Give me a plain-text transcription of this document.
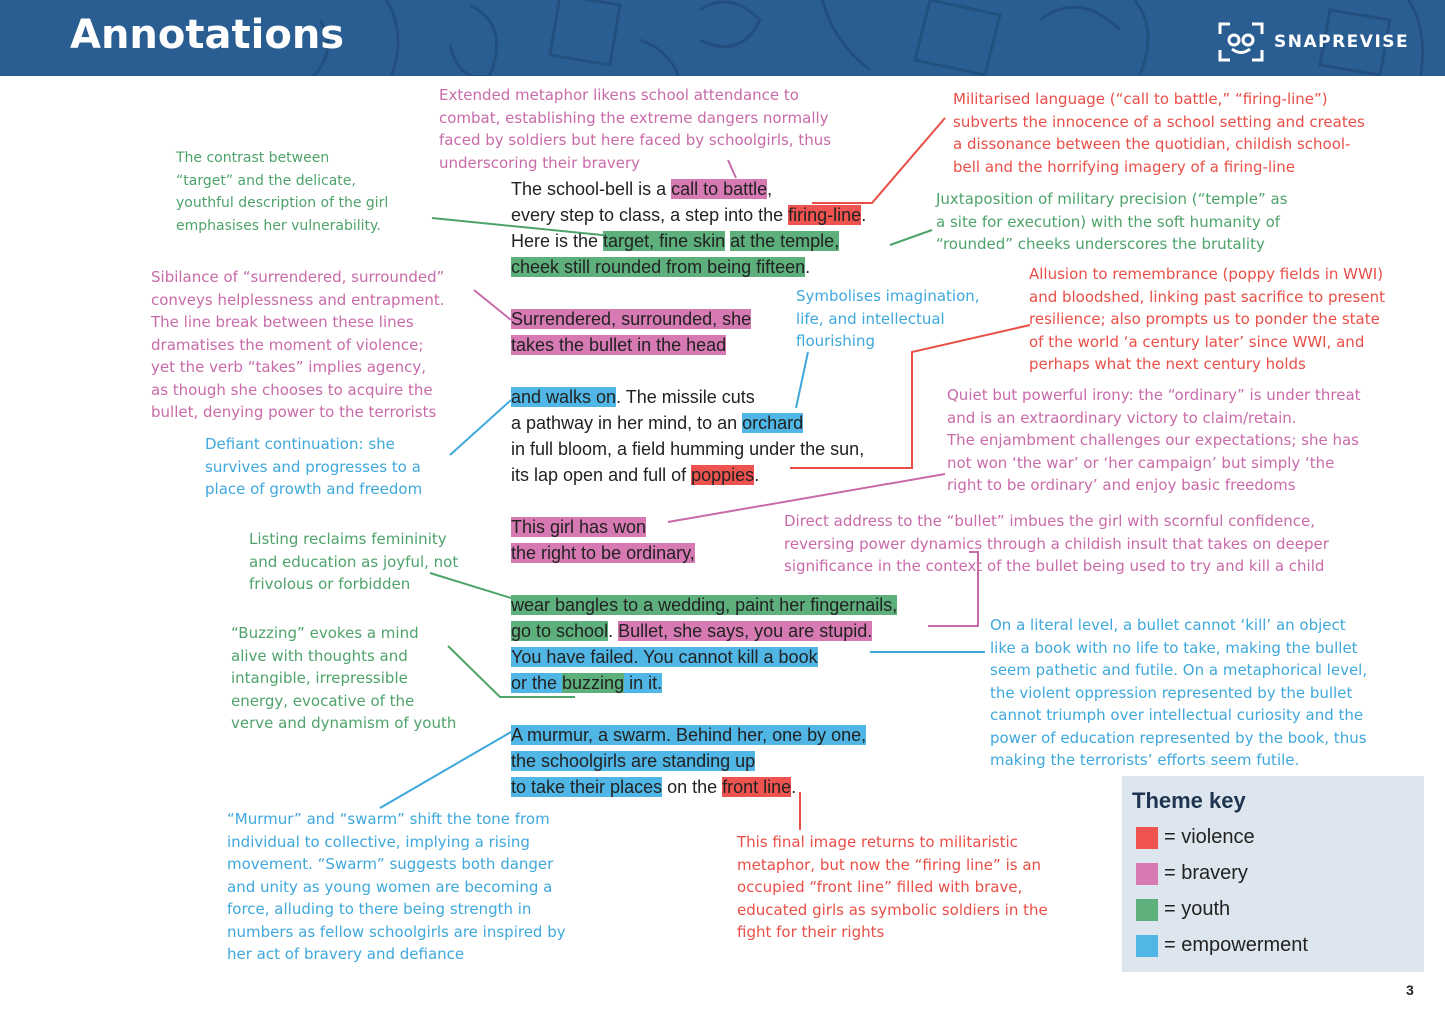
Annotations	SNAPREVISE
The school-bell is a call to battle,
every step to class, a step into the firing-line.
Here is the target, fine skin at the temple,
cheek still rounded from being fifteen.
Surrendered, surrounded, she
takes the bullet in the head
and walks on. The missile cuts
a pathway in her mind, to an orchard
in full bloom, a field humming under the sun,
its lap open and full of poppies.
This girl has won
the right to be ordinary,
wear bangles to a wedding, paint her fingernails,
go to school. Bullet, she says, you are stupid.
You have failed. You cannot kill a book
or the buzzing in it.
A murmur, a swarm. Behind her, one by one,
the schoolgirls are standing up
to take their places on the front line.
Extended metaphor likens school attendance to
combat, establishing the extreme dangers normally
faced by soldiers but here faced by schoolgirls, thus
underscoring their bravery
Militarised language (“call to battle,” “firing-line”)
subverts the innocence of a school setting and creates
a dissonance between the quotidian, childish school-
bell and the horrifying imagery of a firing-line
The contrast between
“target” and the delicate,
youthful description of the girl
emphasises her vulnerability.
Juxtaposition of military precision (“temple” as
a site for execution) with the soft humanity of
“rounded” cheeks underscores the brutality
Sibilance of “surrendered, surrounded”
conveys helplessness and entrapment.
The line break between these lines
dramatises the moment of violence;
yet the verb “takes” implies agency,
as though she chooses to acquire the
bullet, denying power to the terrorists
Symbolises imagination,
life, and intellectual
flourishing
Allusion to remembrance (poppy fields in WWI)
and bloodshed, linking past sacrifice to present
resilience; also prompts us to ponder the state
of the world ‘a century later’ since WWI, and
perhaps what the next century holds
Defiant continuation: she
survives and progresses to a
place of growth and freedom
Quiet but powerful irony: the “ordinary” is under threat
and is an extraordinary victory to claim/retain.
The enjambment challenges our expectations; she has
not won ‘the war’ or ‘her campaign’ but simply ‘the
right to be ordinary’ and enjoy basic freedoms
Listing reclaims femininity
and education as joyful, not
frivolous or forbidden
Direct address to the “bullet” imbues the girl with scornful confidence,
reversing power dynamics through a childish insult that takes on deeper
significance in the context of the bullet being used to try and kill a child
“Buzzing” evokes a mind
alive with thoughts and
intangible, irrepressible
energy, evocative of the
verve and dynamism of youth
On a literal level, a bullet cannot ‘kill’ an object
like a book with no life to take, making the bullet
seem pathetic and futile. On a metaphorical level,
the violent oppression represented by the bullet
cannot triumph over intellectual curiosity and the
power of education represented by the book, thus
making the terrorists’ efforts seem futile.
“Murmur” and “swarm” shift the tone from
individual to collective, implying a rising
movement. “Swarm” suggests both danger
and unity as young women are becoming a
force, alluding to there being strength in
numbers as fellow schoolgirls are inspired by
her act of bravery and defiance
This final image returns to militaristic
metaphor, but now the “firing line” is an
occupied “front line” filled with brave,
educated girls as symbolic soldiers in the
fight for their rights
Theme key
= violence
= bravery
= youth
= empowerment
3
